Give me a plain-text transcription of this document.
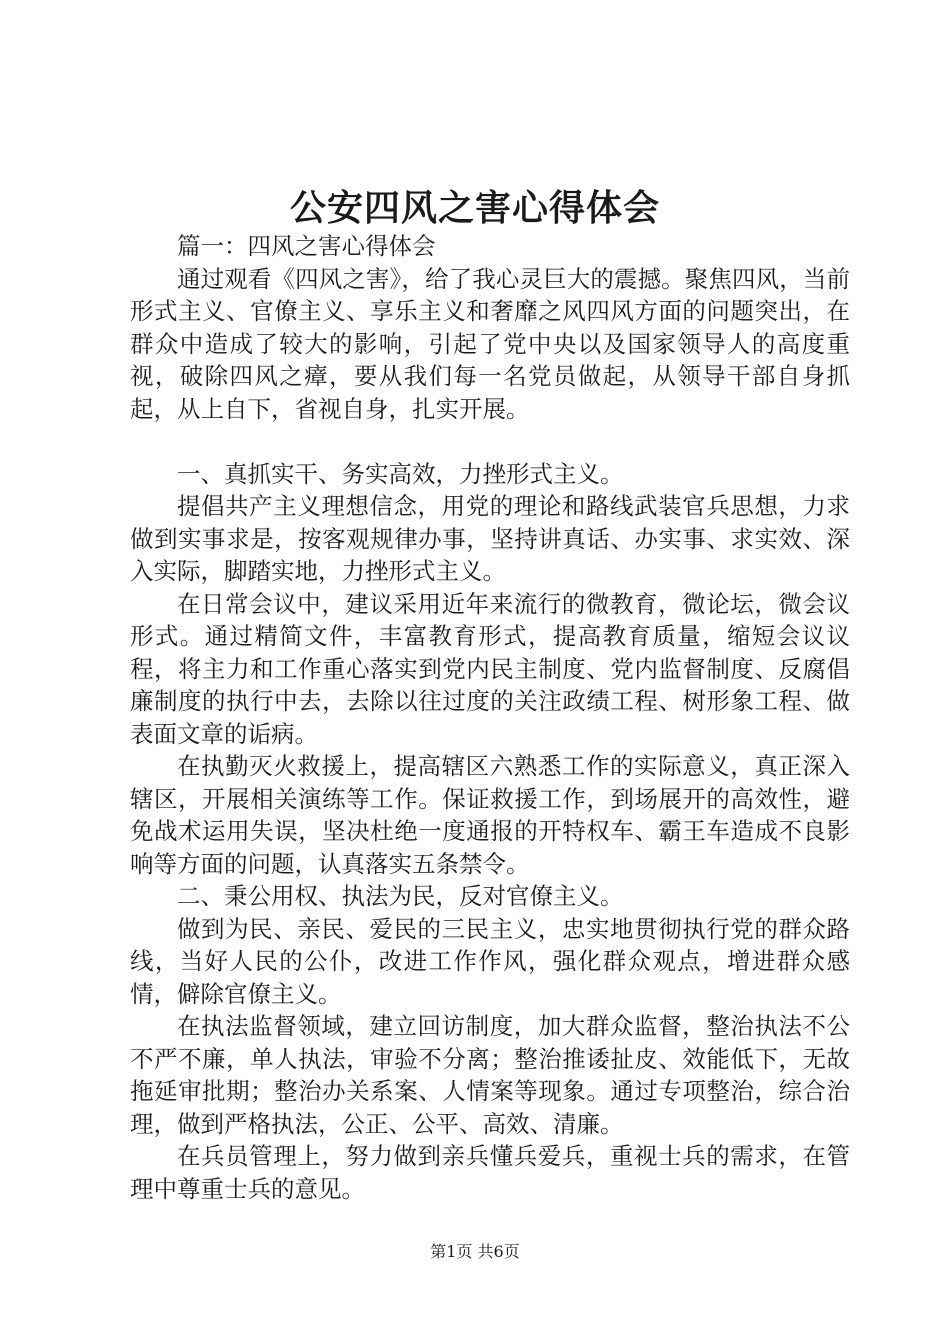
公安四风之害心得体会

篇一：四风之害心得体会

通过观看《四风之害》，给了我心灵巨大的震撼。聚焦四风，当前形式主义、官僚主义、享乐主义和奢靡之风四风方面的问题突出，在群众中造成了较大的影响，引起了党中央以及国家领导人的高度重视，破除四风之瘴，要从我们每一名党员做起，从领导干部自身抓起，从上自下，省视自身，扎实开展。

一、真抓实干、务实高效，力挫形式主义。

提倡共产主义理想信念，用党的理论和路线武装官兵思想，力求做到实事求是，按客观规律办事，坚持讲真话、办实事、求实效、深入实际，脚踏实地，力挫形式主义。

在日常会议中，建议采用近年来流行的微教育，微论坛，微会议形式。通过精简文件，丰富教育形式，提高教育质量，缩短会议议程，将主力和工作重心落实到党内民主制度、党内监督制度、反腐倡廉制度的执行中去，去除以往过度的关注政绩工程、树形象工程、做表面文章的诟病。

在执勤灭火救援上，提高辖区六熟悉工作的实际意义，真正深入辖区，开展相关演练等工作。保证救援工作，到场展开的高效性，避免战术运用失误，坚决杜绝一度通报的开特权车、霸王车造成不良影响等方面的问题，认真落实五条禁令。

二、秉公用权、执法为民，反对官僚主义。

做到为民、亲民、爱民的三民主义，忠实地贯彻执行党的群众路线，当好人民的公仆，改进工作作风，强化群众观点，增进群众感情，僻除官僚主义。

在执法监督领域，建立回访制度，加大群众监督，整治执法不公不严不廉，单人执法，审验不分离；整治推诿扯皮、效能低下，无故拖延审批期；整治办关系案、人情案等现象。通过专项整治，综合治理，做到严格执法，公正、公平、高效、清廉。

在兵员管理上，努力做到亲兵懂兵爱兵，重视士兵的需求，在管理中尊重士兵的意见。

第1页 共6页
